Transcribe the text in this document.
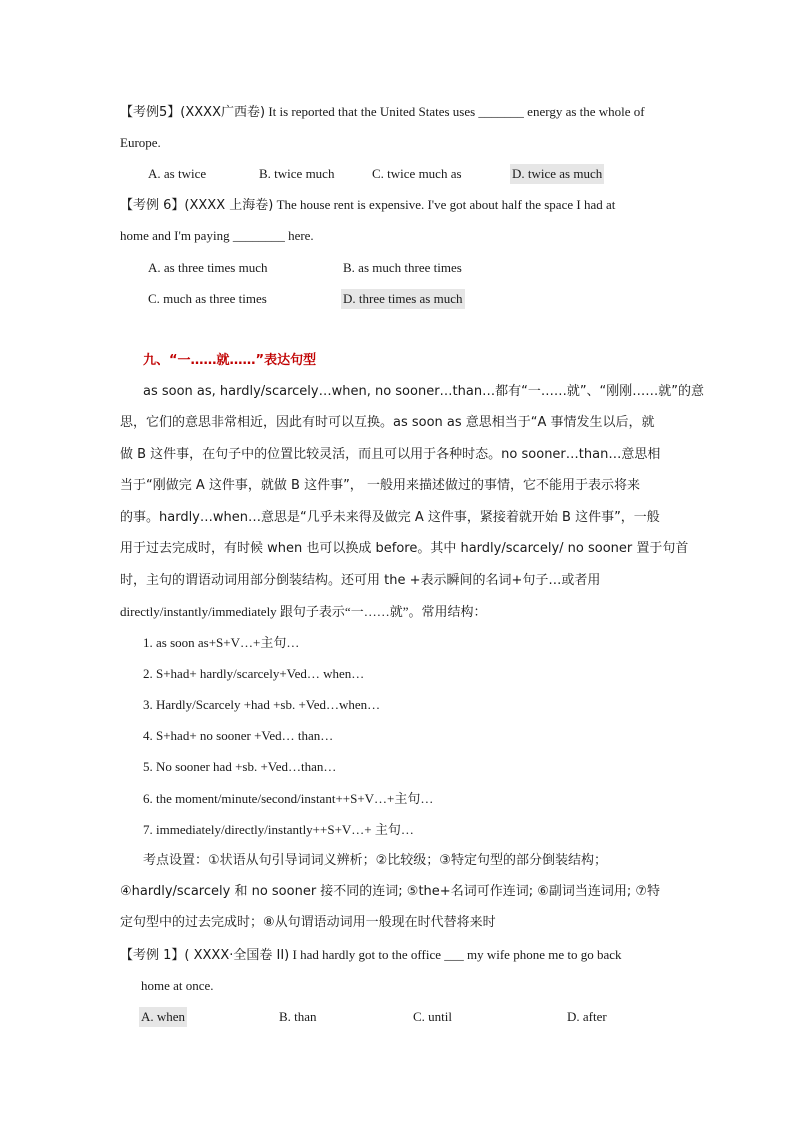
【考例5】(XXXX广西卷) It is reported that the United States uses _______ energy as the whole of
Europe.
A. as twice	B. twice much	C. twice much as	D. twice as much
【考例 6】(XXXX 上海卷) The house rent is expensive. I've got about half the space I had at
home and I'm paying ________ here.
A. as three times much	B. as much three times
C. much as three times	D. three times as much
九、“一……就……”表达句型
as soon as, hardly/scarcely…when, no sooner…than…都有“一……就”、“刚刚……就”的意
思，它们的意思非常相近，因此有时可以互换。as soon as 意思相当于“A 事情发生以后，就
做 B 这件事，在句子中的位置比较灵活，而且可以用于各种时态。no sooner…than…意思相
当于“刚做完 A 这件事，就做 B 这件事”， 一般用来描述做过的事情，它不能用于表示将来
的事。hardly…when…意思是“几乎未来得及做完 A 这件事，紧接着就开始 B 这件事”，一般
用于过去完成时，有时候 when 也可以换成 before。其中 hardly/scarcely/ no sooner 置于句首
时，主句的谓语动词用部分倒装结构。还可用 the +表示瞬间的名词+句子…或者用
directly/instantly/immediately 跟句子表示“一……就”。常用结构：
1. as soon as+S+V…+主句…
2. S+had+ hardly/scarcely+Ved… when…
3. Hardly/Scarcely +had +sb. +Ved…when…
4. S+had+ no sooner +Ved… than…
5. No sooner had +sb. +Ved…than…
6. the moment/minute/second/instant++S+V…+主句…
7. immediately/directly/instantly++S+V…+ 主句…
考点设置：①状语从句引导词词义辨析；②比较级；③特定句型的部分倒装结构；
④hardly/scarcely 和 no sooner 接不同的连词; ⑤the+名词可作连词; ⑥副词当连词用; ⑦特
定句型中的过去完成时；⑧从句谓语动词用一般现在时代替将来时
【考例 1】( XXXX·全国卷 II) I had hardly got to the office ___ my wife phone me to go back
home at once.
A. when	B. than	C. until	D. after
